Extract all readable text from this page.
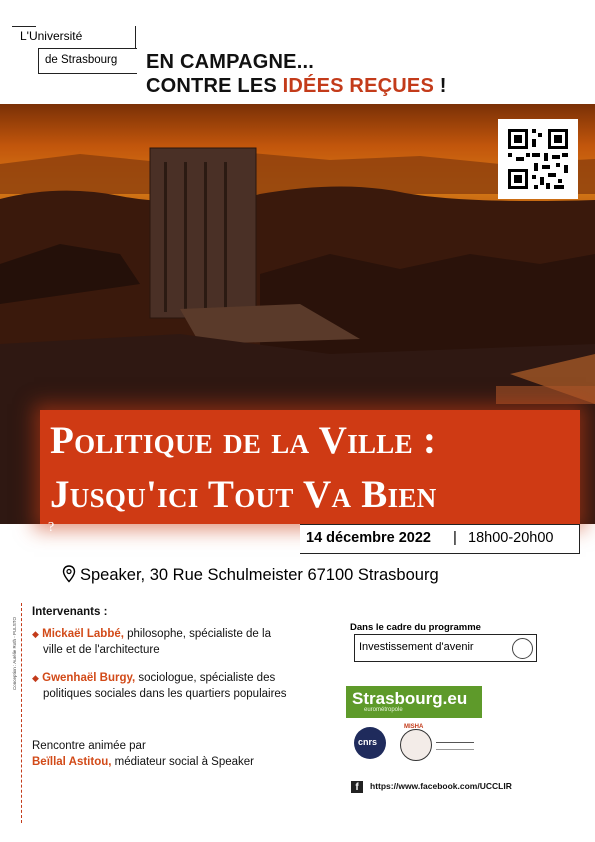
L'Université
de Strasbourg EN CAMPAGNE...
CONTRE LES IDÉES REÇUES !
Politique de la Ville :
Jusqu'ici Tout Va Bien
?
14 décembre 2022 | 18h00-20h00
Speaker, 30 Rue Schulmeister 67100 Strasbourg
Conception : Aurélie Roth - PULSTO
Intervenants :
◆ Mickaël Labbé, philosophe, spécialiste de la
ville et de l'architecture
◆ Gwenhaël Burgy, sociologue, spécialiste des
politiques sociales dans les quartiers populaires
Rencontre animée par
Beïllal Astitou, médiateur social à Speaker
Dans le cadre du programme
Investissement d'avenir
Strasbourg.eu
eurométropole
cnrs
MISHA
f	https://www.facebook.com/UCCLIR
